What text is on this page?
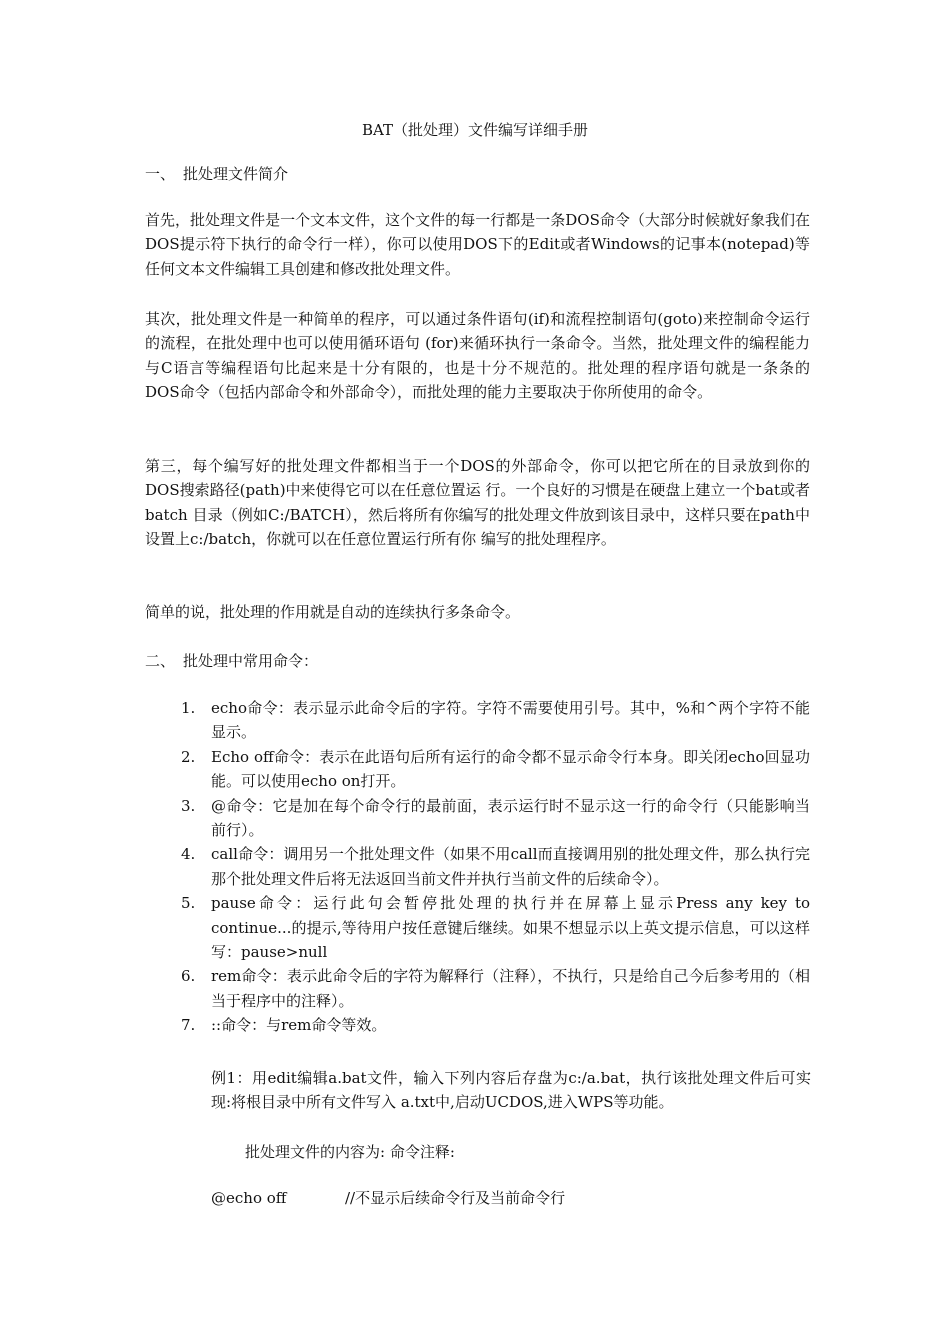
BAT（批处理）文件编写详细手册
一、 批处理文件简介
首先，批处理文件是一个文本文件，这个文件的每一行都是一条DOS命令（大部分时候就好象我们在DOS提示符下执行的命令行一样），你可以使用DOS下的Edit或者Windows的记事本(notepad)等任何文本文件编辑工具创建和修改批处理文件。
其次，批处理文件是一种简单的程序，可以通过条件语句(if)和流程控制语句(goto)来控制命令运行的流程，在批处理中也可以使用循环语句 (for)来循环执行一条命令。当然，批处理文件的编程能力与C语言等编程语句比起来是十分有限的，也是十分不规范的。批处理的程序语句就是一条条的 DOS命令（包括内部命令和外部命令），而批处理的能力主要取决于你所使用的命令。
第三，每个编写好的批处理文件都相当于一个DOS的外部命令，你可以把它所在的目录放到你的DOS搜索路径(path)中来使得它可以在任意位置运 行。一个良好的习惯是在硬盘上建立一个bat或者batch 目录（例如C:/BATCH），然后将所有你编写的批处理文件放到该目录中，这样只要在path中设置上c:/batch，你就可以在任意位置运行所有你 编写的批处理程序。
简单的说，批处理的作用就是自动的连续执行多条命令。
二、 批处理中常用命令：
1. echo命令：表示显示此命令后的字符。字符不需要使用引号。其中，%和^两个字符不能显示。
2. Echo off命令：表示在此语句后所有运行的命令都不显示命令行本身。即关闭echo回显功能。可以使用echo on打开。
3. @命令：它是加在每个命令行的最前面，表示运行时不显示这一行的命令行（只能影响当前行）。
4. call命令：调用另一个批处理文件（如果不用call而直接调用别的批处理文件，那么执行完那个批处理文件后将无法返回当前文件并执行当前文件的后续命令）。
5. pause命令：运行此句会暂停批处理的执行并在屏幕上显示Press any key to continue...的提示,等待用户按任意键后继续。如果不想显示以上英文提示信息，可以这样写：pause>null
6. rem命令：表示此命令后的字符为解释行（注释），不执行，只是给自己今后参考用的（相当于程序中的注释）。
7. ::命令：与rem命令等效。
例1：用edit编辑a.bat文件，输入下列内容后存盘为c:/a.bat，执行该批处理文件后可实现:将根目录中所有文件写入 a.txt中,启动UCDOS,进入WPS等功能。
批处理文件的内容为: 命令注释:
@echo off	//不显示后续命令行及当前命令行
